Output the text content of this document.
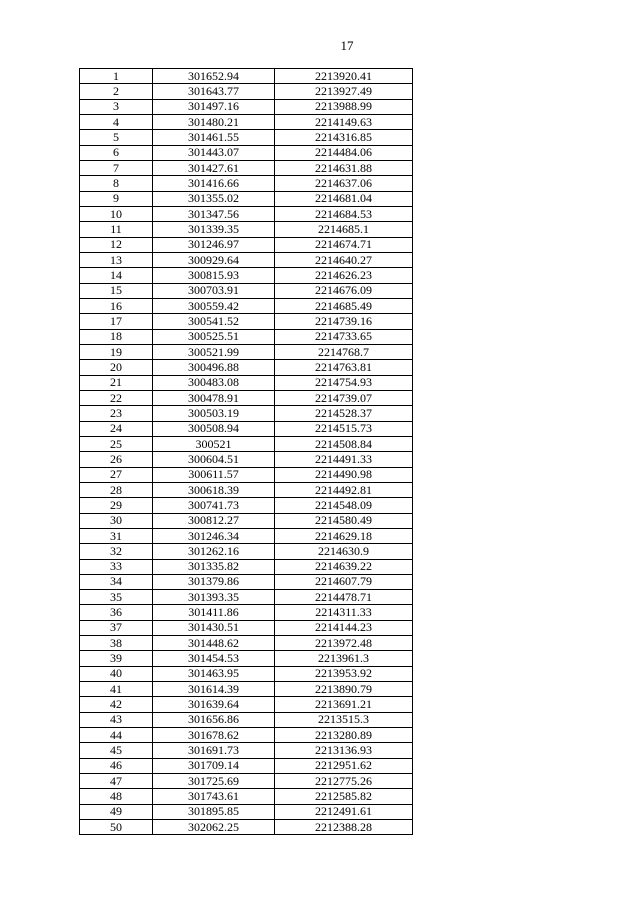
17
1	301652.94	2213920.41
2	301643.77	2213927.49
3	301497.16	2213988.99
4	301480.21	2214149.63
5	301461.55	2214316.85
6	301443.07	2214484.06
7	301427.61	2214631.88
8	301416.66	2214637.06
9	301355.02	2214681.04
10	301347.56	2214684.53
11	301339.35	2214685.1
12	301246.97	2214674.71
13	300929.64	2214640.27
14	300815.93	2214626.23
15	300703.91	2214676.09
16	300559.42	2214685.49
17	300541.52	2214739.16
18	300525.51	2214733.65
19	300521.99	2214768.7
20	300496.88	2214763.81
21	300483.08	2214754.93
22	300478.91	2214739.07
23	300503.19	2214528.37
24	300508.94	2214515.73
25	300521	2214508.84
26	300604.51	2214491.33
27	300611.57	2214490.98
28	300618.39	2214492.81
29	300741.73	2214548.09
30	300812.27	2214580.49
31	301246.34	2214629.18
32	301262.16	2214630.9
33	301335.82	2214639.22
34	301379.86	2214607.79
35	301393.35	2214478.71
36	301411.86	2214311.33
37	301430.51	2214144.23
38	301448.62	2213972.48
39	301454.53	2213961.3
40	301463.95	2213953.92
41	301614.39	2213890.79
42	301639.64	2213691.21
43	301656.86	2213515.3
44	301678.62	2213280.89
45	301691.73	2213136.93
46	301709.14	2212951.62
47	301725.69	2212775.26
48	301743.61	2212585.82
49	301895.85	2212491.61
50	302062.25	2212388.28
